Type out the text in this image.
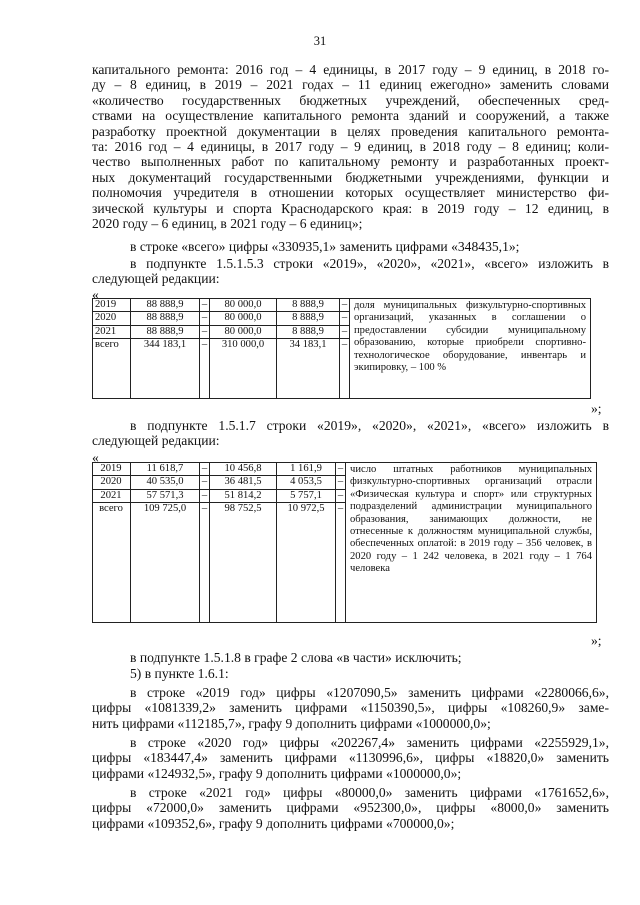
31

капитального ремонта: 2016 год – 4 единицы, в 2017 году – 9 единиц, в 2018 го-

ду – 8 единиц, в 2019 – 2021 годах – 11 единиц ежегодно» заменить словами

«количество государственных бюджетных учреждений, обеспеченных сред-

ствами на осуществление капитального ремонта зданий и сооружений, а также

разработку проектной документации в целях проведения капитального ремонта-

та: 2016 год – 4 единицы, в 2017 году – 9 единиц, в 2018 году – 8 единиц; коли-

чество выполненных работ по капитальному ремонту и разработанных проект-

ных документаций государственными бюджетными учреждениями, функции и

полномочия учредителя в отношении которых осуществляет министерство фи-

зической культуры и спорта Краснодарского края: в 2019 году – 12 единиц, в

2020 году – 6 единиц, в 2021 году – 6 единиц»;

в строке «всего» цифры «330935,1» заменить цифрами «348435,1»;

в подпункте 1.5.1.5.3 строки «2019», «2020», «2021», «всего» изложить в

следующей редакции:

«
2019	88 888,9	–	80 000,0	8 888,9	–	доля муниципальных физкультурно-спортивных организаций, указанных в соглашении о предоставлении субсидии муниципальному образованию, которые приобрели спортивно-технологическое оборудование, инвентарь и экипировку, – 100 %
2020	88 888,9	–	80 000,0	8 888,9	–	
2021	88 888,9	–	80 000,0	8 888,9	–	
всего	344 183,1	–	310 000,0	34 183,1	–	
»;

в подпункте 1.5.1.7 строки «2019», «2020», «2021», «всего» изложить в

следующей редакции:

«
2019	11 618,7	–	10 456,8	1 161,9	–	число штатных работников муниципальных физкультурно-спортивных организаций отрасли «Физическая культура и спорт» или структурных подразделений администрации муниципального образования, занимающих должности, не отнесенные к должностям муниципальной службы, обеспеченных оплатой: в 2019 году – 356 человек, в 2020 году – 1 242 человека, в 2021 году – 1 764 человека
2020	40 535,0	–	36 481,5	4 053,5	–	
2021	57 571,3	–	51 814,2	5 757,1	–	
всего	109 725,0	–	98 752,5	10 972,5	–	
»;

в подпункте 1.5.1.8 в графе 2 слова «в части» исключить;

5) в пункте 1.6.1:

в строке «2019 год» цифры «1207090,5» заменить цифрами «2280066,6»,

цифры «1081339,2» заменить цифрами «1150390,5», цифры «108260,9» заме-

нить цифрами «112185,7», графу 9 дополнить цифрами «1000000,0»;

в строке «2020 год» цифры «202267,4» заменить цифрами «2255929,1»,

цифры «183447,4» заменить цифрами «1130996,6», цифры «18820,0» заменить

цифрами «124932,5», графу 9 дополнить цифрами «1000000,0»;

в строке «2021 год» цифры «80000,0» заменить цифрами «1761652,6»,

цифры «72000,0» заменить цифрами «952300,0», цифры «8000,0» заменить

цифрами «109352,6», графу 9 дополнить цифрами «700000,0»;
